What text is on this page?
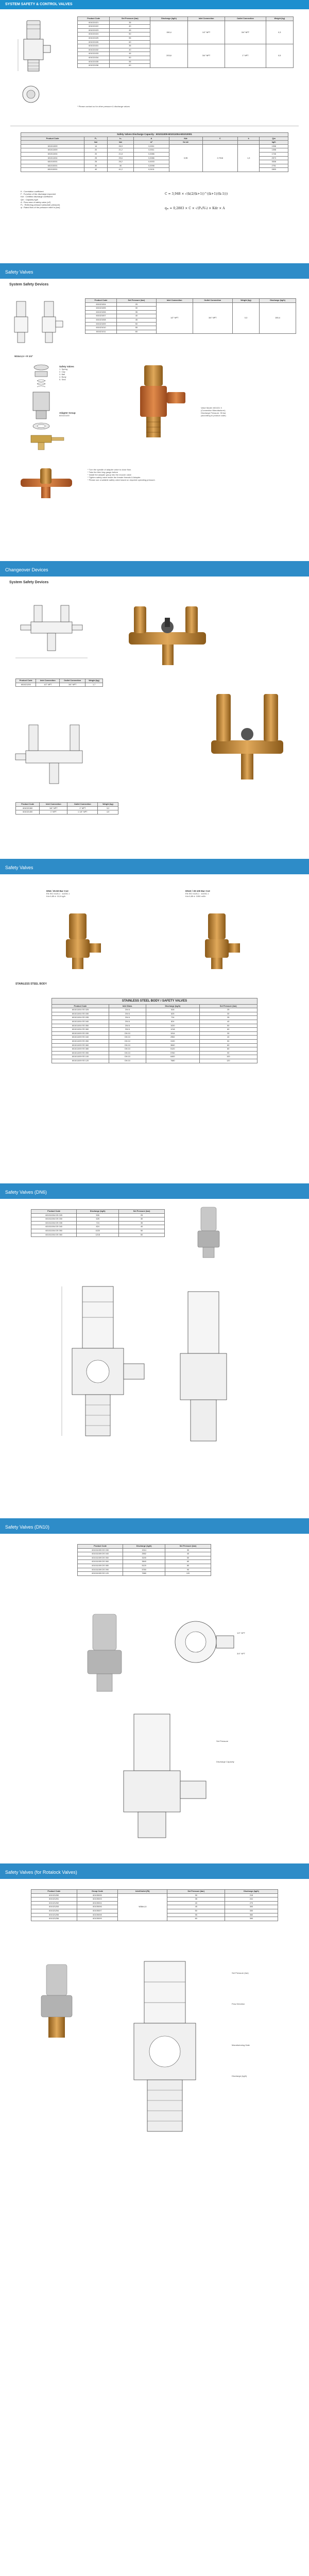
SYSTEM SAFETY & CONTROL VALVES
Product Code	Set Pressure (bar)	Discharge (kg/h)	Inlet Connection	Outlet Connection	Weight (kg)
601021021	35	150,4	1/2" NPT	3/4" NPT	0,3
601021022	40				
601021023	45				
601021024	50				
601021025	55				
601021026	60				
601021031	35	203,8	3/4" NPT	1" NPT	0,5
601021032	40				
601021033	45				
601021034	50				
601021035	55				
601021036	60				
* Please contact us for other pressure & discharge values
Safety Valves Discharge Capacity : 601011009-601011004-601010001							
Product Code	P₀	h₀	A	Kdr	C	k	Qm
	bar	bar	m²	for air			kg/h
601011009	14	26,9	0,0011	0,95	2,7016	1,3	1398
601011009	20	21,2	0,0011				1398
601011004	20	21,8	0,0086				1746
601011004	25	25,6	0,0086				2573
601010001	25	26,2	0,0033				3538
601010001	30	30	0,0098				2751
601010001	40	41,2	0,0101				2833
K : Correlation coefficient
F : Function of the discharge exponent
Kdr : Certified discharge coefficient
Qm : Capacity kg/h
A : Flow area of safety valve (m²)
P₀ : Relieving pressure (absolute pressure)
ψ : Rated flow of the pressure relief in (bar)
C = 3,948 × √(k(2/(k+1))^((k+1)/(k-1)))
qₘ = 0,2883 × C × √(P₀/V₀) × Kdr × A
Safety Valves
System Safety Devices
Product Code	Set Pressure (bar)	Inlet Connection	Outlet Connection	Weight (kg)	Discharge (kg/h)
601021004	25	1/2" NPT	3/4" NPT	0,3	150,4
601021005	30				
601021006	35				
601021007	40				
601021008	45				
601021009	50				
601021010	55				
601021011	60				
W24x1,5 + R 1/4"
Safety Valves
1. Spring
2. Cap
3. Ball
4. Body
5. Seal
Adapter Group
601021100
Valve Model: 601021 X
(Connection Manufacturer)
Discharge Pressure: 35 bar
(according to product code)
* Turn the spindle of adapter valve to close flow.
* Take the third ring gauge before
* Install the adapter group into the recover valve
* Tighten safety valve inside the female threads & Adapter.
* Please use a suitable safety valve based on required operating pressure.
Changeover Devices
System Safety Devices
Product Code	Inlet Connection	Outlet Connection	Weight (kg)
601021200	1/2" NPT	3/4" NPT	1,7
Product Code	Inlet Connection	Outlet Connection	Weight (kg)
601021300	3/4" NPT	1" NPT	3,2
601021400	1" NPT	1 1/4" NPT	4,9
Safety Valves
DN6 / 25-60 Bar Co2
EN ISO 4126-1 · A1001.1
Kd=0,85 d: 10,6 kg/h
DN10 / 30-100 Bar Co2
EN ISO 4126-1 · A1001.1
Kd=0,85 d: 1050 m3/h
STAINLESS STEEL BODY
STAINLESS STEEL BODY / SAFETY VALVES			
Product Code	Inlet Diam.	Discharge (kg/h)	Set Pressure (bar)
601011004 SS 025	DN 6	526	25
601011004 SS 030	DN 6	625	30
601011004 SS 035	DN 6	724	35
601011004 SS 040	DN 6	824	40
601011004 SS 050	DN 6	1020	50
601011004 SS 060	DN 6	1218	60
601011009 SS 030	DN 10	1914	30
601011009 SS 040	DN 10	2552	40
601011009 SS 050	DN 10	3190	50
601011009 SS 060	DN 10	3840	60
601011009 SS 080	DN 10	5120	80
601011009 SS 090	DN 10	5760	90
601011009 SS 100	DN 10	6400	100
601011009 SS 120	DN 10	7680	120
Safety Valves (DN6)
Product Code	Discharge (kg/h)	Set Pressure (bar)
601011004 DS 025	526	25
601011004 DS 030	625	30
601011004 DS 035	724	35
601011004 DS 040	824	40
601011004 DS 050	1020	50
601011004 DS 060	1218	60
Safety Valves (DN10)
Product Code	Discharge (kg/h)	Set Pressure (bar)
601011009 DS 030	1914	30
601011009 DS 040	2552	40
601011009 DS 050	3190	50
601011009 DS 060	3840	60
601011009 DS 080	5120	80
601011009 DS 090	5760	90
601011009 DS 120	7680	120
1/2" NPT
3/4" NPT
Set Pressure
Discharge Capacity
Safety Valves (for Rotalock Valves)
Product Code	Group Code	Inlet/Outlet (Rt)	Set Pressure (bar)	Discharge (kg/h)
601021250	601050X5	W36x1,5	30	215
601021251	601050X3		35	241
601021252	601050X4		40	270
601021253	601050X6		45	300
601021254	601050X7		50	330
601021255	601050X8		55	360
601021256	601050X9		60	390
Set Pressure (bar)
Flow Direction
Manufacturing Date
Discharge (kg/h)
